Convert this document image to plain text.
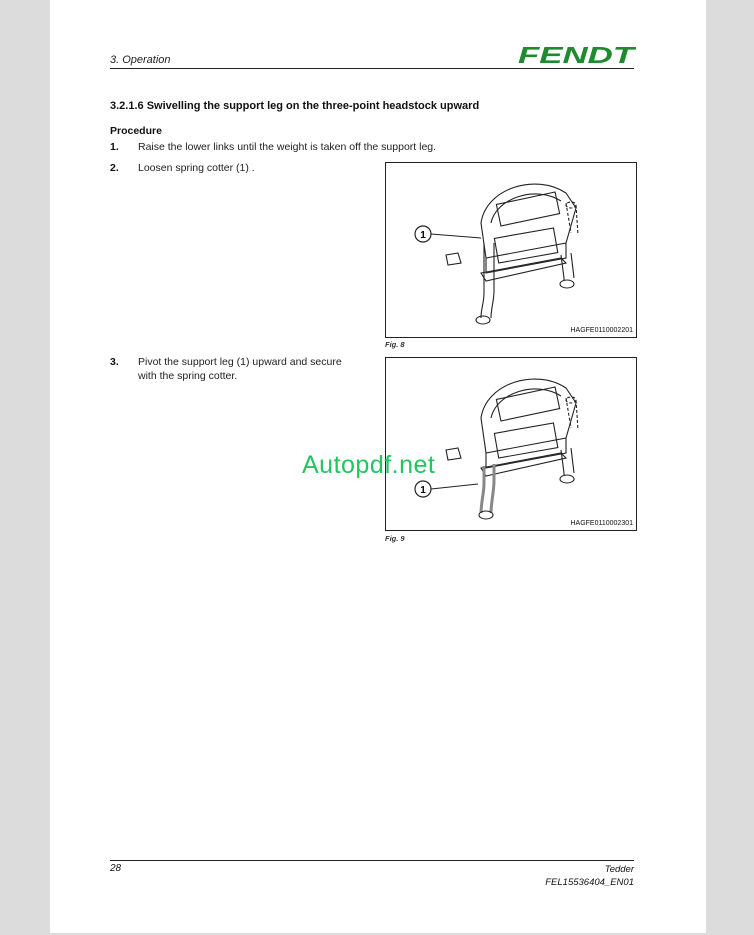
3. Operation	FENDT
3.2.1.6 Swivelling the support leg on the three-point headstock upward
Procedure
1. Raise the lower links until the weight is taken off the support leg.
2. Loosen spring cotter (1) .
1
HAGFE0110002201
Fig. 8
3. Pivot the support leg (1) upward and secure
with the spring cotter.
1
HAGFE0110002301
Fig. 9
Autopdf.net
28	Tedder
FEL15536404_EN01
